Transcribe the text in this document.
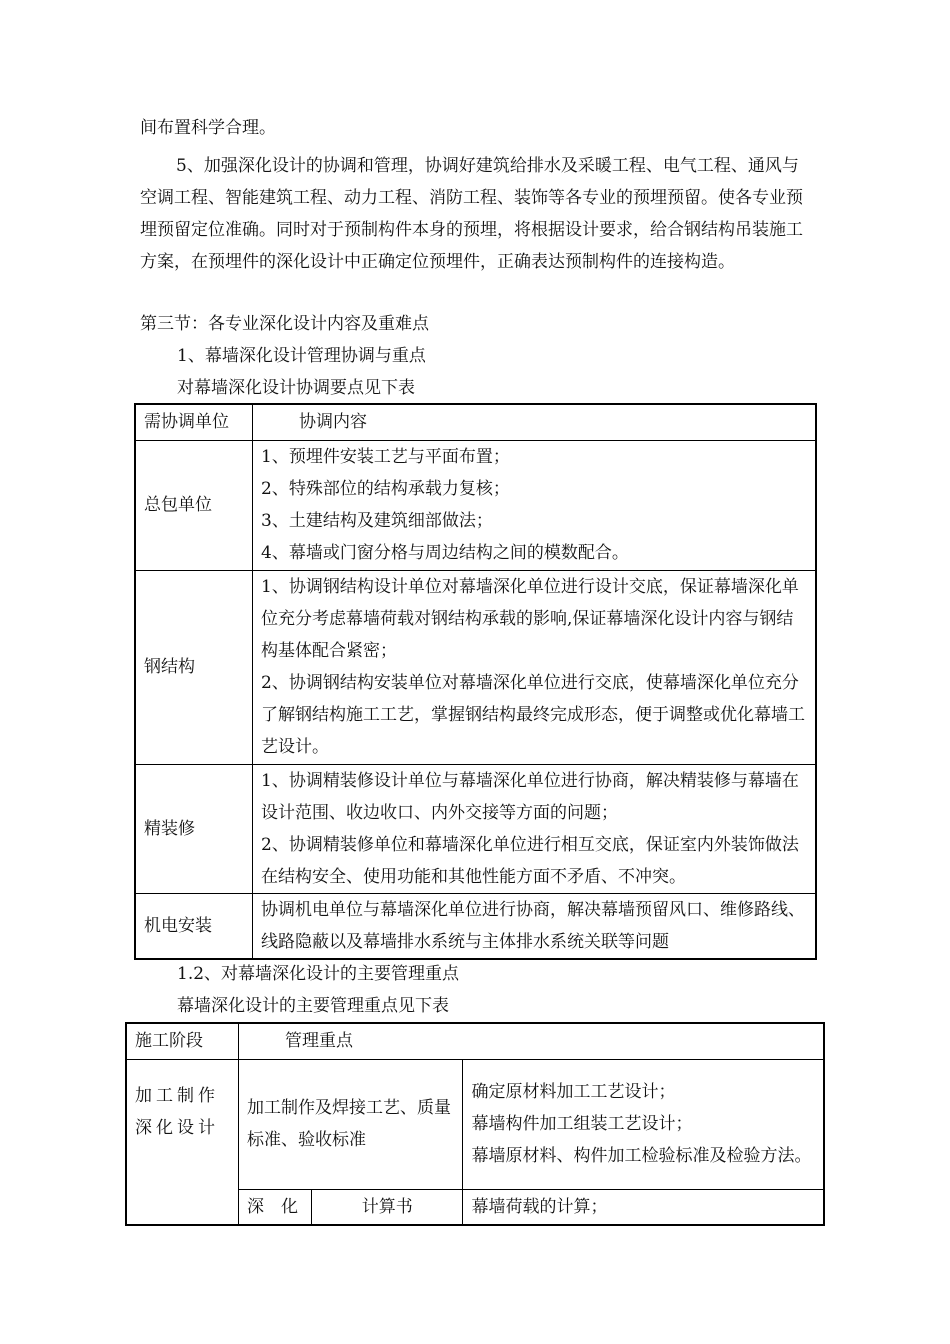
间布置科学合理。
5、加强深化设计的协调和管理，协调好建筑给排水及采暖工程、电气工程、通风与空调工程、智能建筑工程、动力工程、消防工程、装饰等各专业的预埋预留。使各专业预埋预留定位准确。同时对于预制构件本身的预埋，将根据设计要求，给合钢结构吊装施工方案，在预埋件的深化设计中正确定位预埋件，正确表达预制构件的连接构造。
第三节：各专业深化设计内容及重难点
1、幕墙深化设计管理协调与重点
对幕墙深化设计协调要点见下表
需协调单位	协调内容
总包单位	1、预埋件安装工艺与平面布置；
2、特殊部位的结构承载力复核；
3、土建结构及建筑细部做法；
4、幕墙或门窗分格与周边结构之间的模数配合。

钢结构	1、协调钢结构设计单位对幕墙深化单位进行设计交底，保证幕墙深化单位充分考虑幕墙荷载对钢结构承载的影响,保证幕墙深化设计内容与钢结构基体配合紧密；
2、协调钢结构安装单位对幕墙深化单位进行交底，使幕墙深化单位充分了解钢结构施工工艺，掌握钢结构最终完成形态，便于调整或优化幕墙工艺设计。

精装修	1、协调精装修设计单位与幕墙深化单位进行协商，解决精装修与幕墙在设计范围、收边收口、内外交接等方面的问题；
2、协调精装修单位和幕墙深化单位进行相互交底，保证室内外装饰做法在结构安全、使用功能和其他性能方面不矛盾、不冲突。

机电安装	协调机电单位与幕墙深化单位进行协商，解决幕墙预留风口、维修路线、线路隐蔽以及幕墙排水系统与主体排水系统关联等问题
1.2、对幕墙深化设计的主要管理重点
幕墙深化设计的主要管理重点见下表
施工阶段	管理重点		
加工制作深化设计	加工制作及焊接工艺、质量标准、验收标准		确定原材料加工工艺设计；
幕墙构件加工组装工艺设计；
幕墙原材料、构件加工检验标准及检验方法。

	深　化	计算书	幕墙荷载的计算；
